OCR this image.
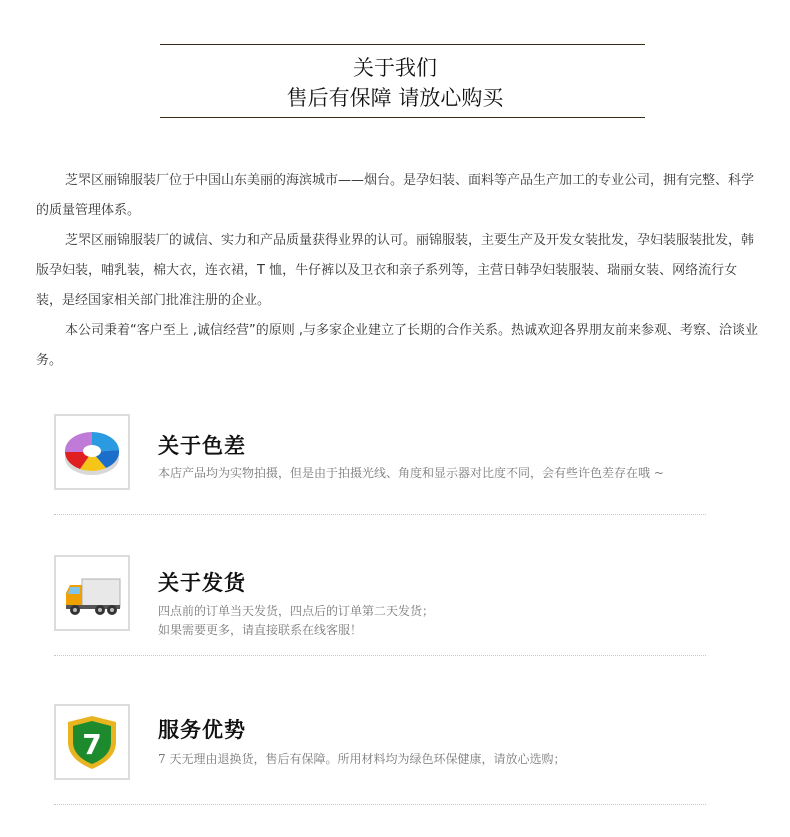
关于我们
售后有保障 请放心购买

芝罘区丽锦服装厂位于中国山东美丽的海滨城市——烟台。是孕妇装、面料等产品生产加工的专业公司，拥有完整、科学的质量管理体系。

芝罘区丽锦服装厂的诚信、实力和产品质量获得业界的认可。丽锦服装，主要生产及开发女装批发，孕妇装服装批发，韩版孕妇装，哺乳装，棉大衣，连衣裙，T 恤，牛仔裤以及卫衣和亲子系列等，主营日韩孕妇装服装、瑞丽女装、网络流行女装，是经国家相关部门批准注册的企业。

本公司秉着“客户至上 ,诚信经营”的原则 ,与多家企业建立了长期的合作关系。热诚欢迎各界朋友前来参观、考察、洽谈业务。

关于色差
本店产品均为实物拍摄，但是由于拍摄光线、角度和显示器对比度不同，会有些许色差存在哦 ~
关于发货
四点前的订单当天发货，四点后的订单第二天发货；
如果需要更多，请直接联系在线客服！
7	服务优势
7 天无理由退换货，售后有保障。所用材料均为绿色环保健康，请放心选购；
